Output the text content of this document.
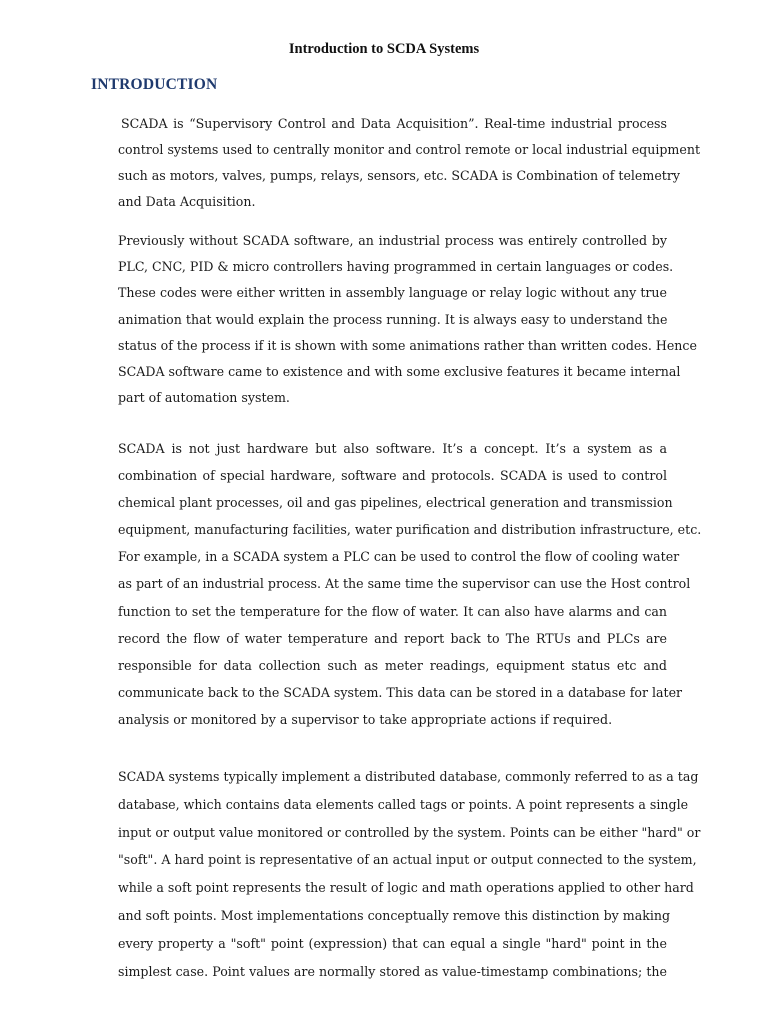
Introduction to SCDA Systems
INTRODUCTION
SCADA is “Supervisory Control and Data Acquisition”. Real-time industrial process
control systems used to centrally monitor and control remote or local industrial equipment
such as motors, valves, pumps, relays, sensors, etc. SCADA is Combination of telemetry
and Data Acquisition.
Previously without SCADA software, an industrial process was entirely controlled by
PLC, CNC, PID & micro controllers having programmed in certain languages or codes.
These codes were either written in assembly language or relay logic without any true
animation that would explain the process running. It is always easy to understand the
status of the process if it is shown with some animations rather than written codes. Hence
SCADA software came to existence and with some exclusive features it became internal
part of automation system.
SCADA is not just hardware but also software. It’s a concept. It’s a system as a
combination of special hardware, software and protocols. SCADA is used to control
chemical plant processes, oil and gas pipelines, electrical generation and transmission
equipment, manufacturing facilities, water purification and distribution infrastructure, etc.
For example, in a SCADA system a PLC can be used to control the flow of cooling water
as part of an industrial process. At the same time the supervisor can use the Host control
function to set the temperature for the flow of water. It can also have alarms and can
record the flow of water temperature and report back to The RTUs and PLCs are
responsible for data collection such as meter readings, equipment status etc and
communicate back to the SCADA system. This data can be stored in a database for later
analysis or monitored by a supervisor to take appropriate actions if required.
SCADA systems typically implement a distributed database, commonly referred to as a tag
database, which contains data elements called tags or points. A point represents a single
input or output value monitored or controlled by the system. Points can be either "hard" or
"soft". A hard point is representative of an actual input or output connected to the system,
while a soft point represents the result of logic and math operations applied to other hard
and soft points. Most implementations conceptually remove this distinction by making
every property a "soft" point (expression) that can equal a single "hard" point in the
simplest case. Point values are normally stored as value-timestamp combinations; the
